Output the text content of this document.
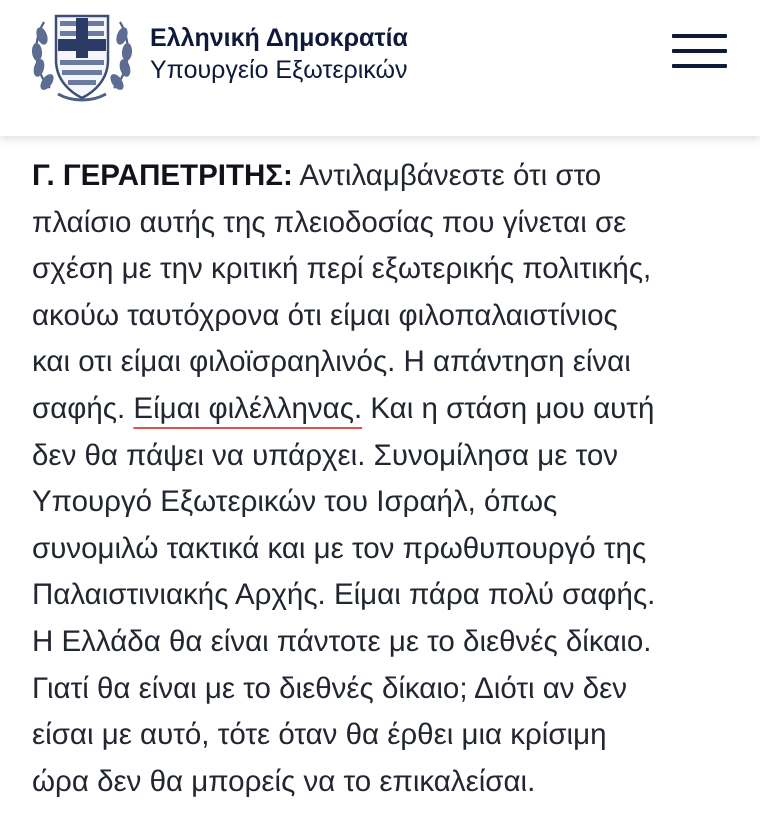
Ελληνική Δημοκρατία
Υπουργείο Εξωτερικών
Γ. ΓΕΡΑΠΕΤΡΙΤΗΣ: Αντιλαμβάνεστε ότι στο
πλαίσιο αυτής της πλειοδοσίας που γίνεται σε
σχέση με την κριτική περί εξωτερικής πολιτικής,
ακούω ταυτόχρονα ότι είμαι φιλοπαλαιστίνιος
και οτι είμαι φιλοϊσραηλινός. Η απάντηση είναι
σαφής. Είμαι φιλέλληνας. Και η στάση μου αυτή
δεν θα πάψει να υπάρχει. Συνομίλησα με τον
Υπουργό Εξωτερικών του Ισραήλ, όπως
συνομιλώ τακτικά και με τον πρωθυπουργό της
Παλαιστινιακής Αρχής. Είμαι πάρα πολύ σαφής.
Η Ελλάδα θα είναι πάντοτε με το διεθνές δίκαιο.
Γιατί θα είναι με το διεθνές δίκαιο; Διότι αν δεν
είσαι με αυτό, τότε όταν θα έρθει μια κρίσιμη
ώρα δεν θα μπορείς να το επικαλείσαι.
